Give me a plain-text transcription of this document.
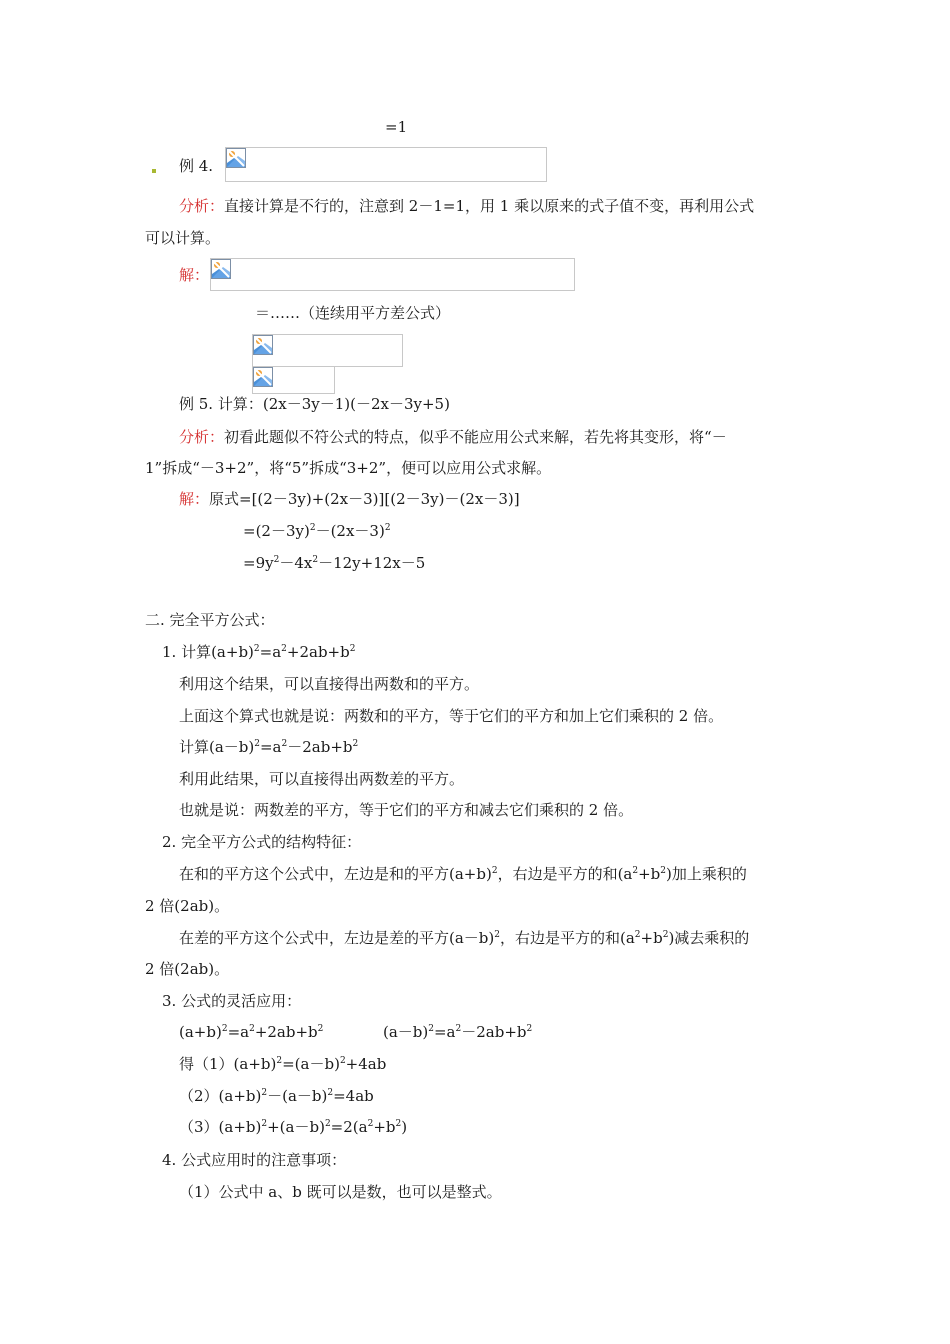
=1
例 4.
分析：直接计算是不行的，注意到 2－1=1，用 1 乘以原来的式子值不变，再利用公式
可以计算。
解：
＝……（连续用平方差公式）
例 5. 计算：(2x－3y－1)(－2x－3y+5)
分析：初看此题似不符公式的特点，似乎不能应用公式来解，若先将其变形，将“－
1”拆成“－3+2”，将“5”拆成“3+2”，便可以应用公式求解。
解：原式=[(2－3y)+(2x－3)][(2－3y)－(2x－3)]
$=(2-3y)^2-(2x-3)^2$
$=9y^2-4x^2-12y+12x-5$
二. 完全平方公式：
1. 计算$(a+b)^2=a^2+2ab+b^2$
利用这个结果，可以直接得出两数和的平方。
上面这个算式也就是说：两数和的平方，等于它们的平方和加上它们乘积的 2 倍。
计算$(a-b)^2=a^2-2ab+b^2$
利用此结果，可以直接得出两数差的平方。
也就是说：两数差的平方，等于它们的平方和减去它们乘积的 2 倍。
2. 完全平方公式的结构特征：
在和的平方这个公式中，左边是和的平方$(a+b)^2$，右边是平方的和$(a^2+b^2)$加上乘积的
2 倍(2ab)。
在差的平方这个公式中，左边是差的平方$(a-b)^2$，右边是平方的和$(a^2+b^2)$减去乘积的
2 倍(2ab)。
3. 公式的灵活应用：
$(a+b)^2=a^2+2ab+b^2$	$(a-b)^2=a^2-2ab+b^2$
得$(1)(a+b)^2=(a-b)^2+4ab$
$(2)(a+b)^2-(a-b)^2=4ab$
$(3)(a+b)^2+(a-b)^2=2(a^2+b^2)$
4. 公式应用时的注意事项：
（1）公式中 a、b 既可以是数，也可以是整式。
